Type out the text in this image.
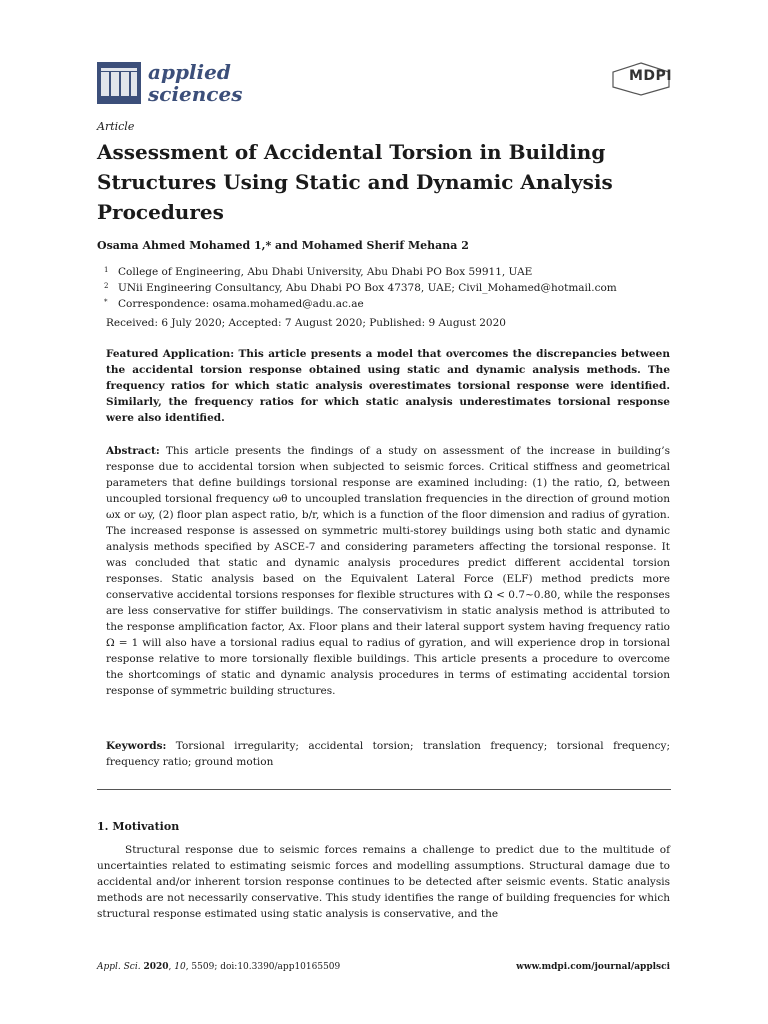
applied
sciences
MDPI
Article
Assessment of Accidental Torsion in Building Structures Using Static and Dynamic Analysis Procedures
Osama Ahmed Mohamed 1,* and Mohamed Sherif Mehana 2
$^1$ College of Engineering, Abu Dhabi University, Abu Dhabi PO Box 59911, UAE
$^2$ UNii Engineering Consultancy, Abu Dhabi PO Box 47378, UAE; Civil_Mohamed@hotmail.com
* Correspondence: osama.mohamed@adu.ac.ae
Received: 6 July 2020; Accepted: 7 August 2020; Published: 9 August 2020

Featured Application: This article presents a model that overcomes the discrepancies between the accidental torsion response obtained using static and dynamic analysis methods. The frequency ratios for which static analysis overestimates torsional response were identified. Similarly, the frequency ratios for which static analysis underestimates torsional response were also identified.

Abstract: This article presents the findings of a study on assessment of the increase in building’s response due to accidental torsion when subjected to seismic forces. Critical stiffness and geometrical parameters that define buildings torsional response are examined including: (1) the ratio, Ω, between uncoupled torsional frequency ωθ to uncoupled translation frequencies in the direction of ground motion ωx or ωy, (2) floor plan aspect ratio, b/r, which is a function of the floor dimension and radius of gyration. The increased response is assessed on symmetric multi-storey buildings using both static and dynamic analysis methods specified by ASCE-7 and considering parameters affecting the torsional response. It was concluded that static and dynamic analysis procedures predict different accidental torsion responses. Static analysis based on the Equivalent Lateral Force (ELF) method predicts more conservative accidental torsions responses for flexible structures with Ω < 0.7~0.80, while the responses are less conservative for stiffer buildings. The conservativism in static analysis method is attributed to the response amplification factor, Ax. Floor plans and their lateral support system having frequency ratio Ω = 1 will also have a torsional radius equal to radius of gyration, and will experience drop in torsional response relative to more torsionally flexible buildings. This article presents a procedure to overcome the shortcomings of static and dynamic analysis procedures in terms of estimating accidental torsion response of symmetric building structures.

Keywords: Torsional irregularity; accidental torsion; translation frequency; torsional frequency; frequency ratio; ground motion

1. Motivation

Structural response due to seismic forces remains a challenge to predict due to the multitude of uncertainties related to estimating seismic forces and modelling assumptions. Structural damage due to accidental and/or inherent torsion response continues to be detected after seismic events. Static analysis methods are not necessarily conservative. This study identifies the range of building frequencies for which structural response estimated using static analysis is conservative, and the

Appl. Sci. 2020, 10, 5509; doi:10.3390/app10165509	www.mdpi.com/journal/applsci
